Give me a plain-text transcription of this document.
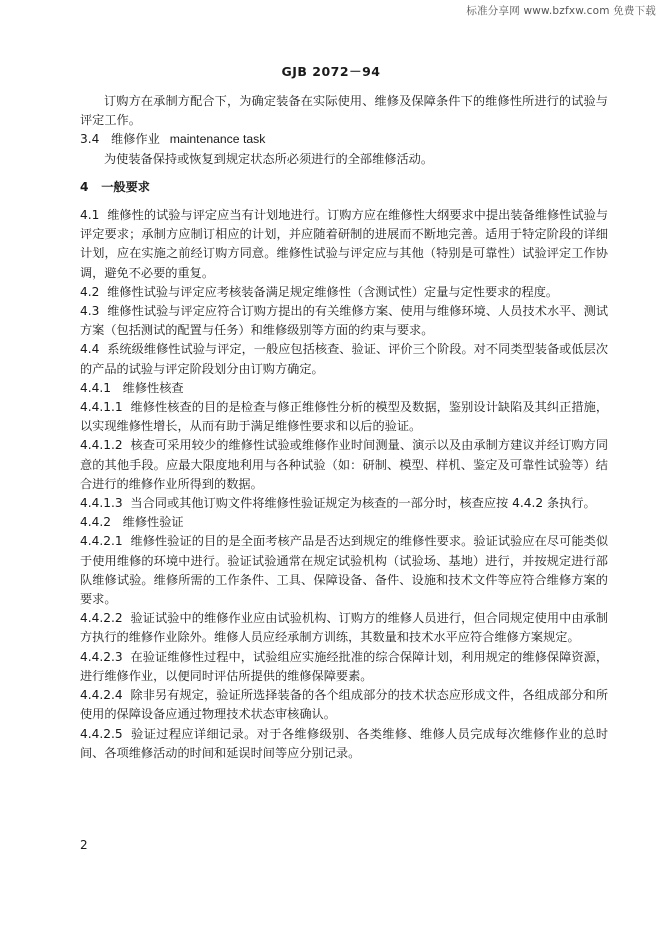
标准分享网 www.bzfxw.com 免费下载
GJB 2072－94

订购方在承制方配合下，为确定装备在实际使用、维修及保障条件下的维修性所进行的试验与评定工作。

3.4 维修作业 maintenance task

为使装备保持或恢复到规定状态所必须进行的全部维修活动。

4 一般要求

4.1 维修性的试验与评定应当有计划地进行。订购方应在维修性大纲要求中提出装备维修性试验与评定要求；承制方应制订相应的计划，并应随着研制的进展而不断地完善。适用于特定阶段的详细计划，应在实施之前经订购方同意。维修性试验与评定应与其他（特别是可靠性）试验评定工作协调，避免不必要的重复。

4.2 维修性试验与评定应考核装备满足规定维修性（含测试性）定量与定性要求的程度。

4.3 维修性试验与评定应符合订购方提出的有关维修方案、使用与维修环境、人员技术水平、测试方案（包括测试的配置与任务）和维修级别等方面的约束与要求。

4.4 系统级维修性试验与评定，一般应包括核查、验证、评价三个阶段。对不同类型装备或低层次的产品的试验与评定阶段划分由订购方确定。

4.4.1 维修性核查

4.4.1.1 维修性核查的目的是检查与修正维修性分析的模型及数据，鉴别设计缺陷及其纠正措施，以实现维修性增长，从而有助于满足维修性要求和以后的验证。

4.4.1.2 核查可采用较少的维修性试验或维修作业时间测量、演示以及由承制方建议并经订购方同意的其他手段。应最大限度地利用与各种试验（如：研制、模型、样机、鉴定及可靠性试验等）结合进行的维修作业所得到的数据。

4.4.1.3 当合同或其他订购文件将维修性验证规定为核查的一部分时，核查应按 4.4.2 条执行。

4.4.2 维修性验证

4.4.2.1 维修性验证的目的是全面考核产品是否达到规定的维修性要求。验证试验应在尽可能类似于使用维修的环境中进行。验证试验通常在规定试验机构（试验场、基地）进行，并按规定进行部队维修试验。维修所需的工作条件、工具、保障设备、备件、设施和技术文件等应符合维修方案的要求。

4.4.2.2 验证试验中的维修作业应由试验机构、订购方的维修人员进行，但合同规定使用中由承制方执行的维修作业除外。维修人员应经承制方训练，其数量和技术水平应符合维修方案规定。

4.4.2.3 在验证维修性过程中，试验组应实施经批准的综合保障计划，利用规定的维修保障资源，进行维修作业，以便同时评估所提供的维修保障要素。

4.4.2.4 除非另有规定，验证所选择装备的各个组成部分的技术状态应形成文件，各组成部分和所使用的保障设备应通过物理技术状态审核确认。

4.4.2.5 验证过程应详细记录。对于各维修级别、各类维修、维修人员完成每次维修作业的总时间、各项维修活动的时间和延误时间等应分别记录。

2
